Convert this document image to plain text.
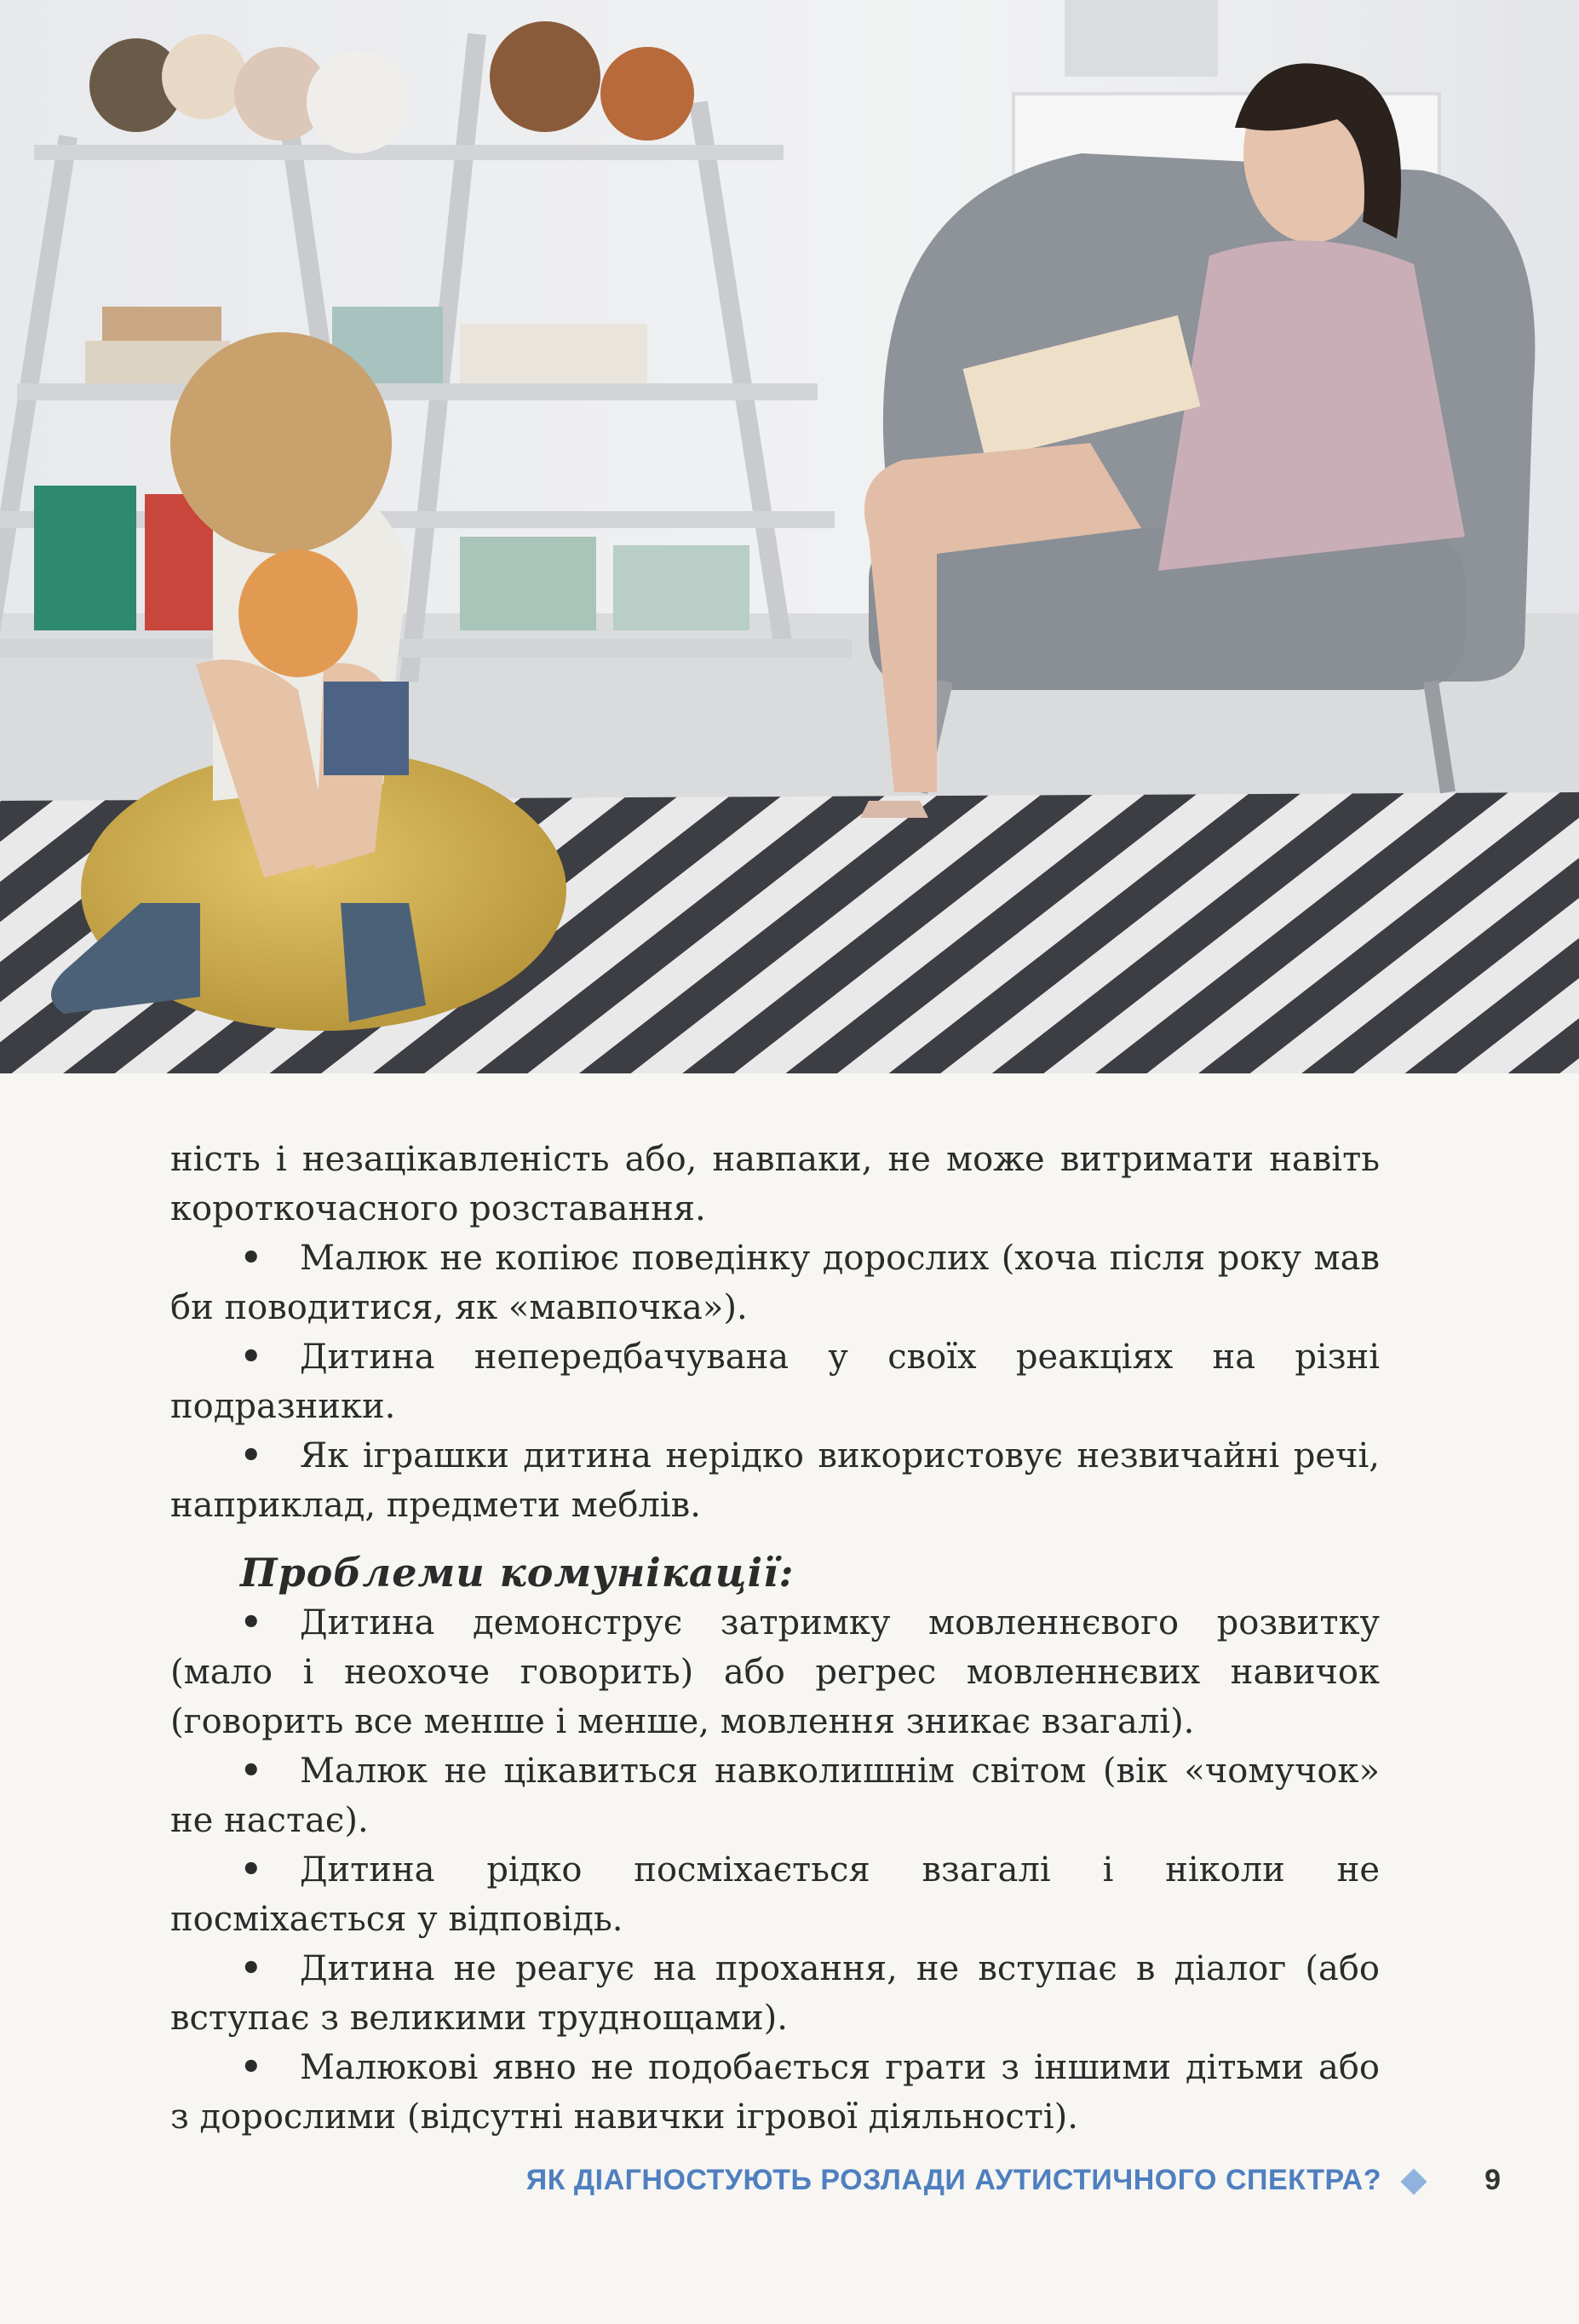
ність і незацікавленість або, навпаки, не може витримати навіть короткочасного розставання.

• Малюк не копіює поведінку дорослих (хоча після року мав би поводитися, як «мавпочка»).

• Дитина непередбачувана у своїх реакціях на різні подразники.

• Як іграшки дитина нерідко використовує незвичайні речі, наприклад, предмети меблів.

Проблеми комунікації:

• Дитина демонструє затримку мовленнєвого розвитку (мало і неохоче говорить) або регрес мовленнєвих навичок (говорить все менше і менше, мовлення зникає взагалі).

• Малюк не цікавиться навколишнім світом (вік «чомучок» не настає).

• Дитина рідко посміхається взагалі і ніколи не посміхається у відповідь.

• Дитина не реагує на прохання, не вступає в діалог (або вступає з великими труднощами).

• Малюкові явно не подобається грати з іншими дітьми або з дорослими (відсутні навички ігрової діяльності).

ЯК ДІАГНОСТУЮТЬ РОЗЛАДИ АУТИСТИЧНОГО СПЕКТРА?	9
